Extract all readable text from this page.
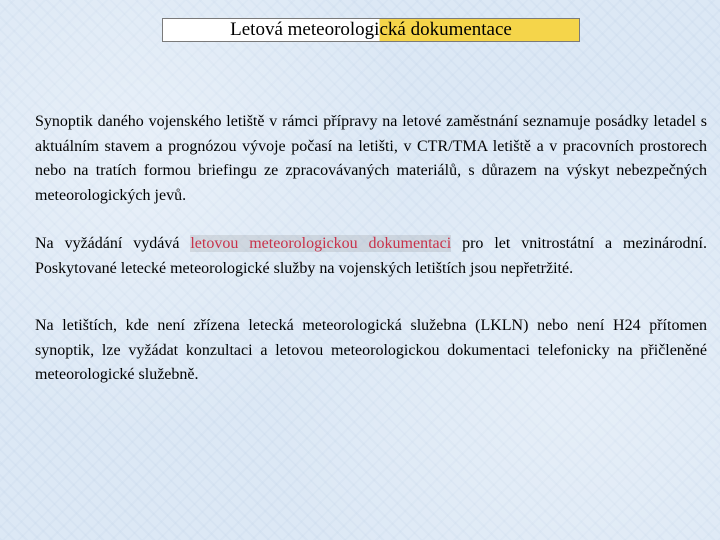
Letová meteorologická dokumentace

Synoptik daného vojenského letiště v rámci přípravy na letové zaměstnání seznamuje posádky letadel s aktuálním stavem a prognózou vývoje počasí na letišti, v CTR/TMA letiště a v pracovních prostorech nebo na tratích formou briefingu ze zpracovávaných materiálů, s důrazem na výskyt nebezpečných meteorologických jevů.

Na vyžádání vydává letovou meteorologickou dokumentaci pro let vnitrostátní a mezinárodní. Poskytované letecké meteorologické služby na vojenských letištích jsou nepřetržité.

Na letištích, kde není zřízena letecká meteorologická služebna (LKLN) nebo není H24 přítomen synoptik, lze vyžádat konzultaci a letovou meteorologickou dokumentaci telefonicky na přičleněné meteorologické služebně.
